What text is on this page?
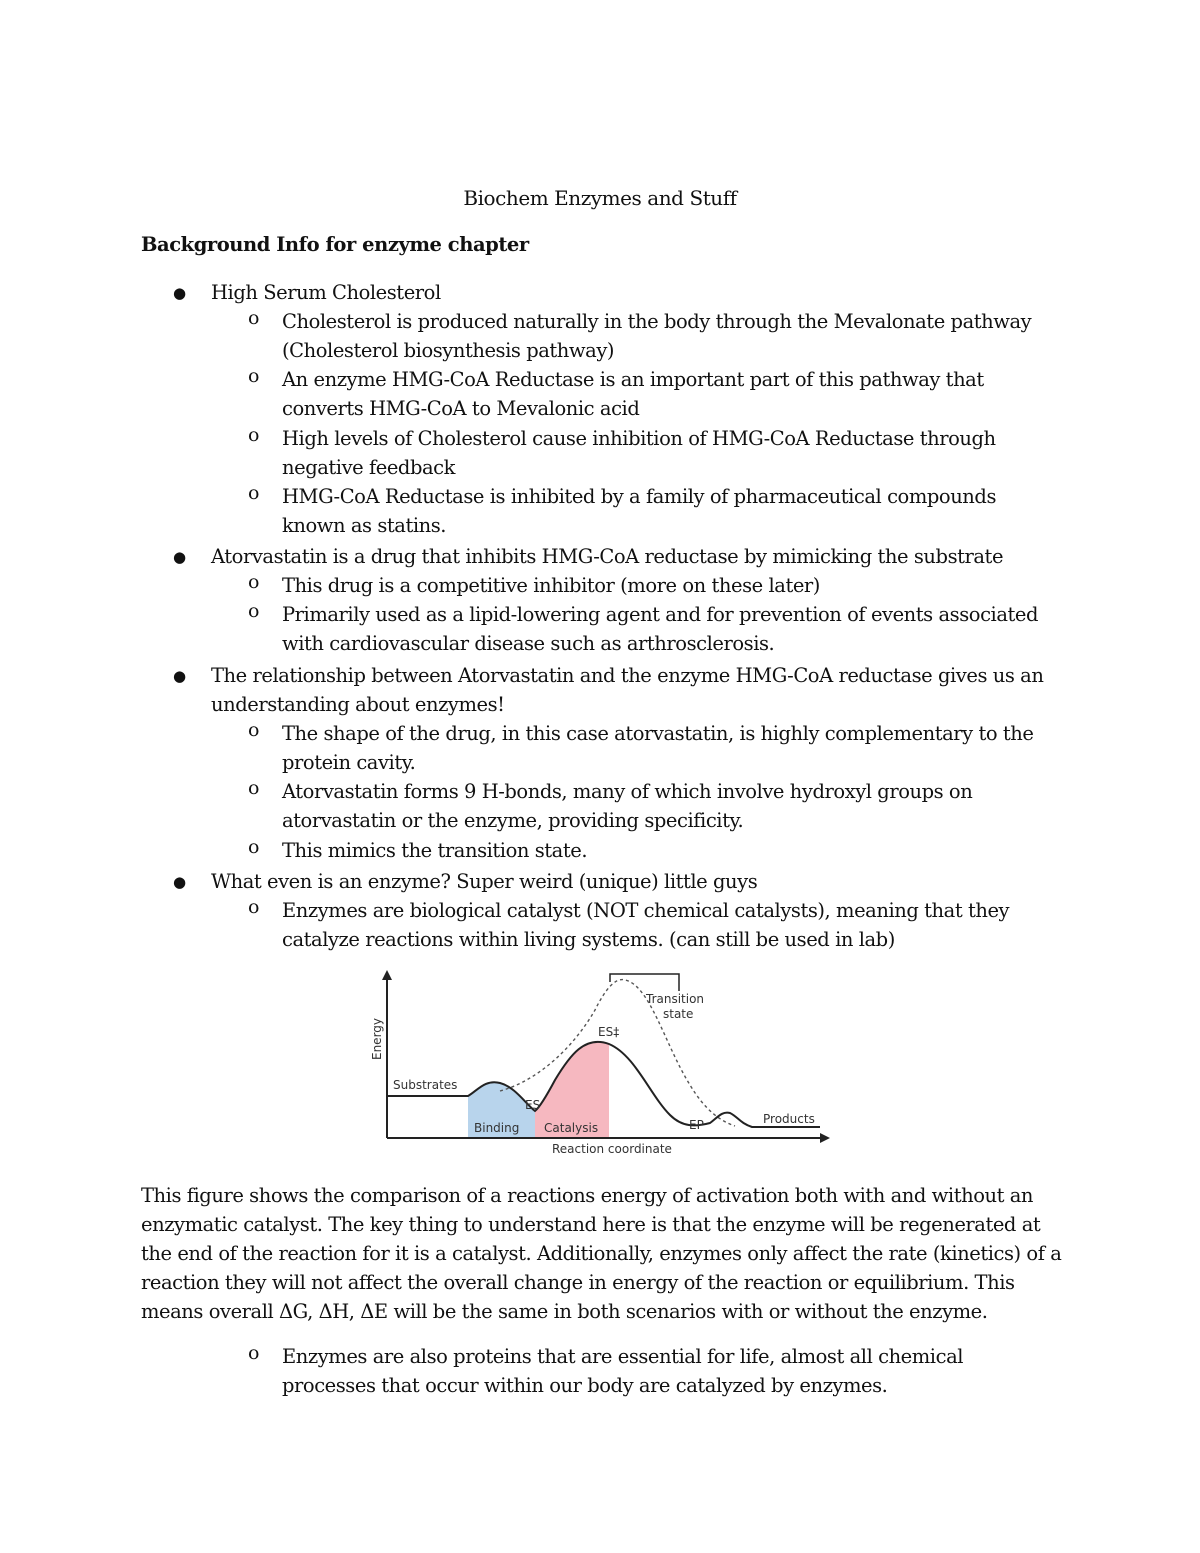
Biochem Enzymes and Stuff
Background Info for enzyme chapter
● High Serum Cholesterol
o	Cholesterol is produced naturally in the body through the Mevalonate pathway (Cholesterol biosynthesis pathway)
o	An enzyme HMG-CoA Reductase is an important part of this pathway that converts HMG-CoA to Mevalonic acid
o	High levels of Cholesterol cause inhibition of HMG-CoA Reductase through negative feedback
o	HMG-CoA Reductase is inhibited by a family of pharmaceutical compounds known as statins.
● Atorvastatin is a drug that inhibits HMG-CoA reductase by mimicking the substrate
o	This drug is a competitive inhibitor (more on these later)
o	Primarily used as a lipid-lowering agent and for prevention of events associated with cardiovascular disease such as arthrosclerosis.
● The relationship between Atorvastatin and the enzyme HMG-CoA reductase gives us an understanding about enzymes!
o	The shape of the drug, in this case atorvastatin, is highly complementary to the protein cavity.
o	Atorvastatin forms 9 H-bonds, many of which involve hydroxyl groups on atorvastatin or the enzyme, providing specificity.
o	This mimics the transition state.
● What even is an enzyme? Super weird (unique) little guys
o	Enzymes are biological catalyst (NOT chemical catalysts), meaning that they catalyze reactions within living systems. (can still be used in lab)
Energy
Reaction coordinate
Substrates
ES
ES‡
Transition
state
EP	Products
Binding Catalysis
This figure shows the comparison of a reactions energy of activation both with and without an enzymatic catalyst. The key thing to understand here is that the enzyme will be regenerated at the end of the reaction for it is a catalyst. Additionally, enzymes only affect the rate (kinetics) of a reaction they will not affect the overall change in energy of the reaction or equilibrium. This means overall ΔG, ΔH, ΔE will be the same in both scenarios with or without the enzyme.
o	Enzymes are also proteins that are essential for life, almost all chemical processes that occur within our body are catalyzed by enzymes.
